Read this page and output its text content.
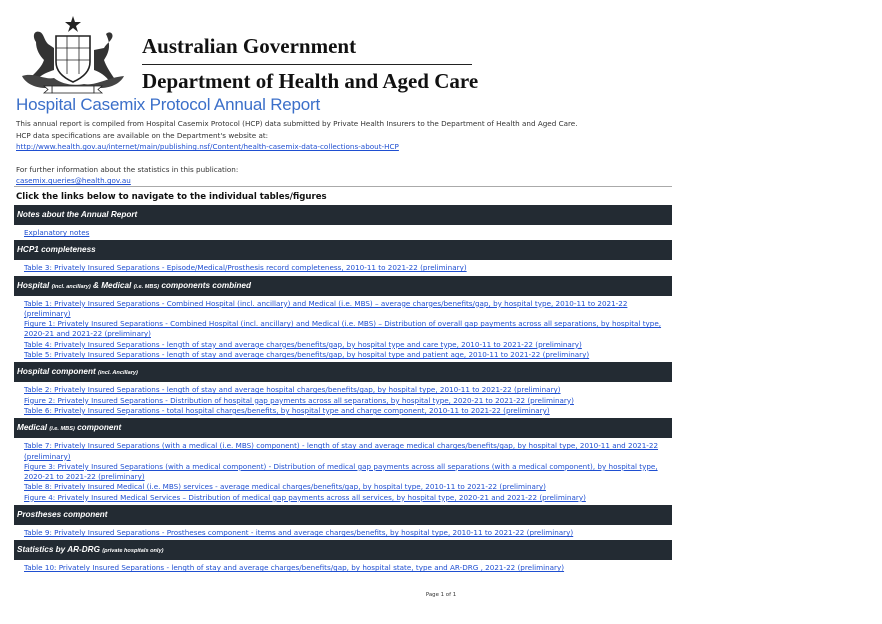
Australian Government
Department of Health and Aged Care
Hospital Casemix Protocol Annual Report

This annual report is compiled from Hospital Casemix Protocol (HCP) data submitted by Private Health Insurers to the Department of Health and Aged Care.

HCP data specifications are available on the Department's website at:

http://www.health.gov.au/internet/main/publishing.nsf/Content/health-casemix-data-collections-about-HCP

For further information about the statistics in this publication:

casemix.queries@health.gov.au

Click the links below to navigate to the individual tables/figures
Notes about the Annual Report
Explanatory notes
HCP1 completeness
Table 3: Privately Insured Separations - Episode/Medical/Prosthesis record completeness, 2010-11 to 2021-22 (preliminary)
Hospital (incl. ancillary) & Medical (i.e. MBS) components combined
Table 1: Privately Insured Separations - Combined Hospital (incl. ancillary) and Medical (i.e. MBS) – average charges/benefits/gap, by hospital type, 2010-11 to 2021-22 (preliminary)
Figure 1: Privately Insured Separations - Combined Hospital (incl. ancillary) and Medical (i.e. MBS) – Distribution of overall gap payments across all separations, by hospital type, 2020-21 and 2021-22 (preliminary)
Table 4: Privately Insured Separations - length of stay and average charges/benefits/gap, by hospital type and care type, 2010-11 to 2021-22 (preliminary)
Table 5: Privately Insured Separations - length of stay and average charges/benefits/gap, by hospital type and patient age, 2010-11 to 2021-22 (preliminary)
Hospital component (incl. Ancillary)
Table 2: Privately Insured Separations - length of stay and average hospital charges/benefits/gap, by hospital type, 2010-11 to 2021-22 (preliminary)
Figure 2: Privately Insured Separations - Distribution of hospital gap payments across all separations, by hospital type, 2020-21 to 2021-22 (preliminary)
Table 6: Privately Insured Separations - total hospital charges/benefits, by hospital type and charge component, 2010-11 to 2021-22 (preliminary)
Medical (i.e. MBS) component
Table 7: Privately Insured Separations (with a medical (i.e. MBS) component) - length of stay and average medical charges/benefits/gap, by hospital type, 2010-11 and 2021-22 (preliminary)
Figure 3: Privately Insured Separations (with a medical component) - Distribution of medical gap payments across all separations (with a medical component), by hospital type, 2020-21 to 2021-22 (preliminary)
Table 8: Privately Insured Medical (i.e. MBS) services - average medical charges/benefits/gap, by hospital type, 2010-11 to 2021-22 (preliminary)
Figure 4: Privately Insured Medical Services – Distribution of medical gap payments across all services, by hospital type, 2020-21 and 2021-22 (preliminary)
Prostheses component
Table 9: Privately Insured Separations - Prostheses component - items and average charges/benefits, by hospital type, 2010-11 to 2021-22 (preliminary)
Statistics by AR-DRG (private hospitals only)
Table 10: Privately Insured Separations - length of stay and average charges/benefits/gap, by hospital state, type and AR-DRG , 2021-22 (preliminary)
Page 1 of 1
